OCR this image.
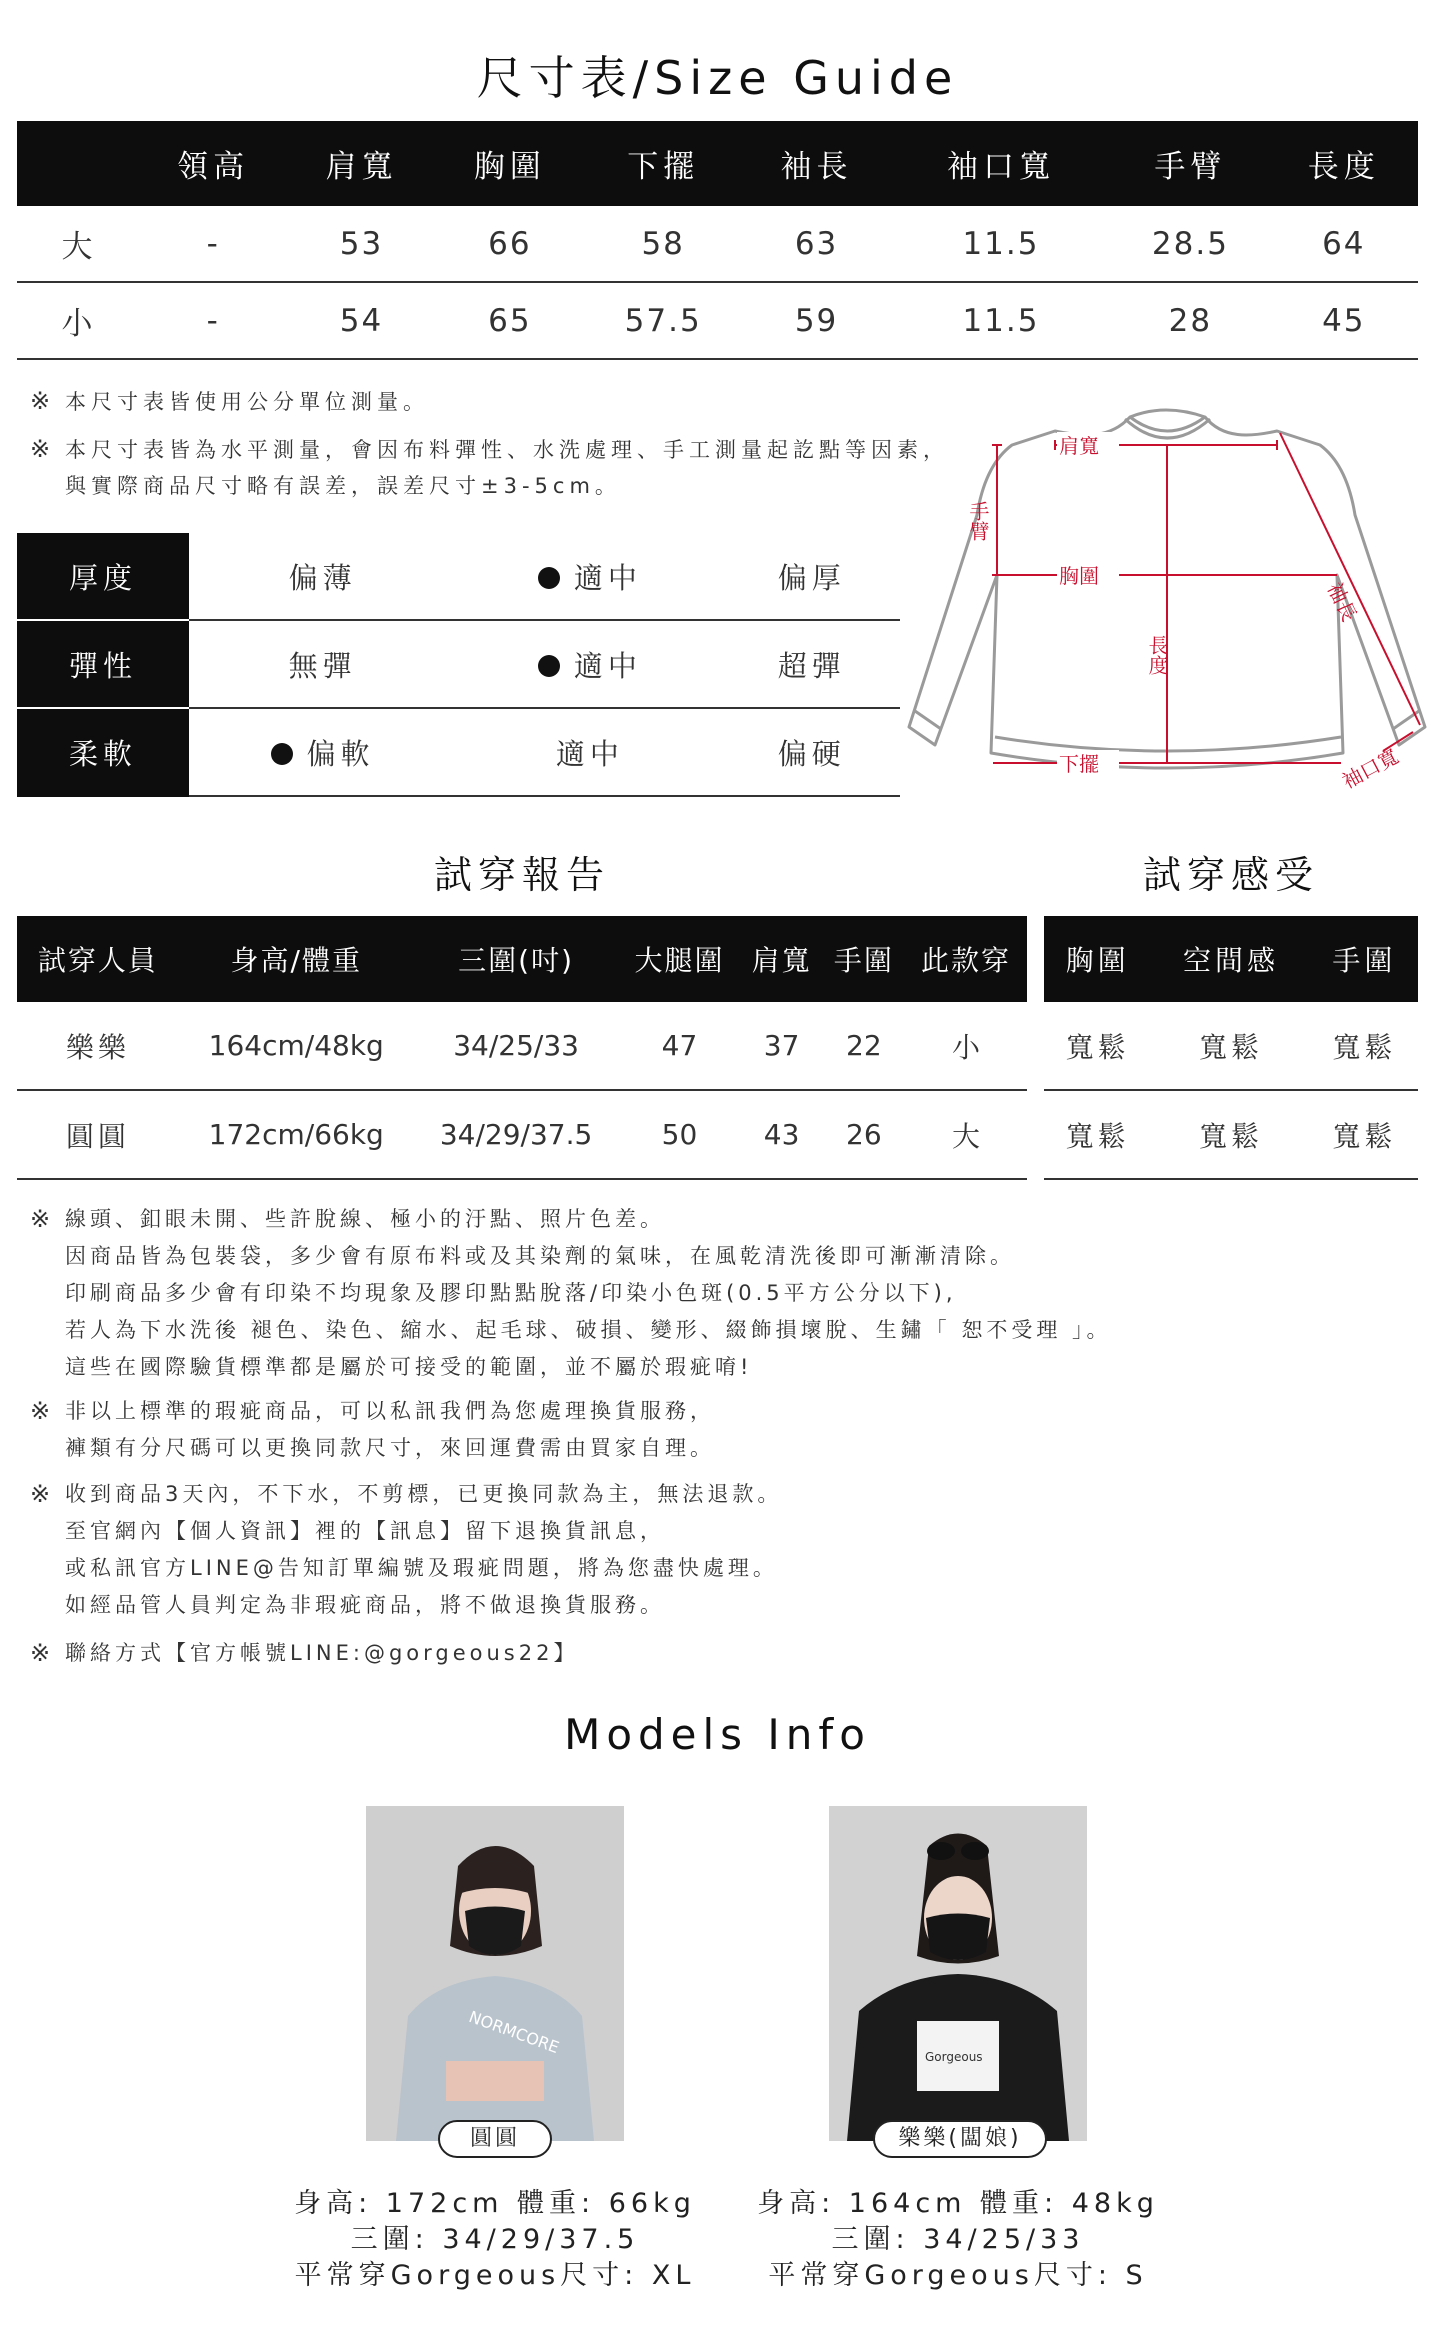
尺寸表/Size Guide
	領高	肩寬	胸圍	下擺	袖長	袖口寬	手臂	長度
大	-	53	66	58	63	11.5	28.5	64
小	-	54	65	57.5	59	11.5	28	45
※ 本尺寸表皆使用公分單位測量。
※ 本尺寸表皆為水平測量，會因布料彈性、水洗處理、手工測量起訖點等因素，
與實際商品尺寸略有誤差，誤差尺寸±3-5cm。
厚度	偏薄	適中	偏厚
彈性	無彈	適中	超彈
柔軟	偏軟	適中	偏硬
肩寬
胸圍
下擺
長度
手臂
袖長
袖口寬
試穿報告	試穿感受
試穿人員	身高/體重	三圍(吋)	大腿圍	肩寬	手圍	此款穿
樂樂	164cm/48kg	34/25/33	47	37	22	小
圓圓	172cm/66kg	34/29/37.5	50	43	26	大
胸圍	空間感	手圍
寬鬆	寬鬆	寬鬆
寬鬆	寬鬆	寬鬆
線頭、釦眼未開、些許脫線、極小的汙點、照片色差。
因商品皆為包裝袋，多少會有原布料或及其染劑的氣味，在風乾清洗後即可漸漸清除。
印刷商品多少會有印染不均現象及膠印點點脫落/印染小色斑(0.5平方公分以下),
若人為下水洗後 褪色、染色、縮水、起毛球、破損、變形、綴飾損壞脫、生鏽「 恕不受理 」。
這些在國際驗貨標準都是屬於可接受的範圍，並不屬於瑕疵唷!
※
非以上標準的瑕疵商品，可以私訊我們為您處理換貨服務，
褲類有分尺碼可以更換同款尺寸，來回運費需由買家自理。
※
收到商品3天內，不下水，不剪標，已更換同款為主，無法退款。
至官網內【個人資訊】裡的【訊息】留下退換貨訊息，
或私訊官方LINE@告知訂單編號及瑕疵問題，將為您盡快處理。
如經品管人員判定為非瑕疵商品，將不做退換貨服務。
※
聯絡方式【官方帳號LINE:@gorgeous22】
※
Models Info
NORMCORE
圓圓
身高: 172cm 體重: 66kg
三圍: 34/29/37.5
平常穿Gorgeous尺寸: XL
Gorgeous
樂樂(闆娘)
身高: 164cm 體重: 48kg
三圍: 34/25/33
平常穿Gorgeous尺寸: S
